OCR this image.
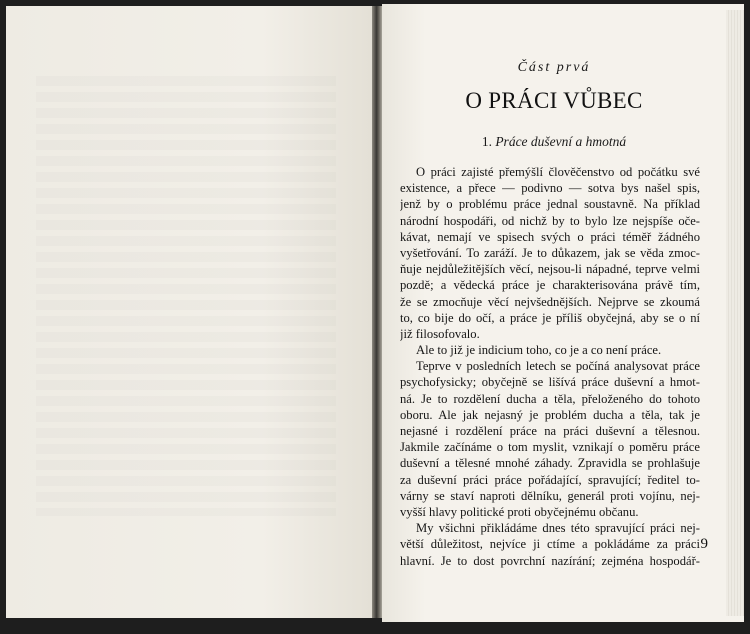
Část prvá
O PRÁCI VŮBEC
1. Práce duševní a hmotná
O práci zajisté přemýšlí člověčenstvo od počátku své
existence, a přece — podivno — sotva bys našel spis,
jenž by o problému práce jednal soustavně. Na příklad
národní hospodáři, od nichž by to bylo lze nejspíše oče-
kávat, nemají ve spisech svých o práci téměř žádného
vyšetřování. To zaráží. Je to důkazem, jak se věda zmoc-
ňuje nejdůležitějších věcí, nejsou-li nápadné, teprve velmi
pozdě; a vědecká práce je charakterisována právě tím,
že se zmocňuje věcí nejvšednějších. Nejprve se zkoumá
to, co bije do očí, a práce je příliš obyčejná, aby se o ní
již filosofovalo.
Ale to již je indicium toho, co je a co není práce.
Teprve v posledních letech se počíná analysovat práce
psychofysicky; obyčejně se lišívá práce duševní a hmot-
ná. Je to rozdělení ducha a těla, přeloženého do tohoto
oboru. Ale jak nejasný je problém ducha a těla, tak je
nejasné i rozdělení práce na práci duševní a tělesnou.
Jakmile začínáme o tom myslit, vznikají o poměru práce
duševní a tělesné mnohé záhady. Zpravidla se prohlašuje
za duševní práci práce pořádající, spravující; ředitel to-
várny se staví naproti dělníku, generál proti vojínu, nej-
vyšší hlavy politické proti obyčejnému občanu.
My všichni přikládáme dnes této spravující práci nej-
větší důležitost, nejvíce ji ctíme a pokládáme za práci
hlavní. Je to dost povrchní nazírání; zejména hospodář-
9
